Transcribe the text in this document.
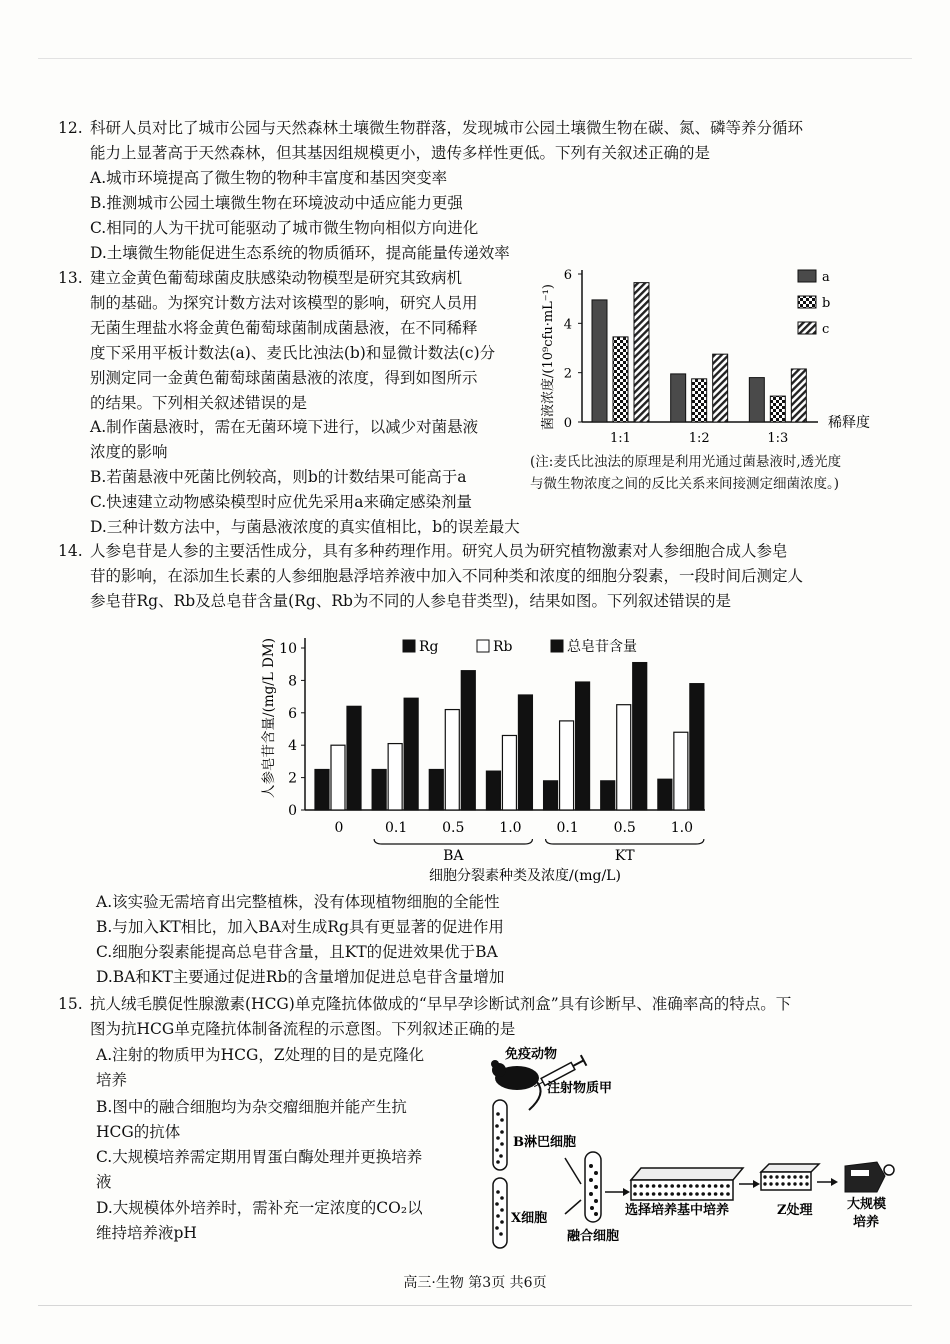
12. 科研人员对比了城市公园与天然森林土壤微生物群落，发现城市公园土壤微生物在碳、氮、磷等养分循环
能力上显著高于天然森林，但其基因组规模更小，遗传多样性更低。下列有关叙述正确的是
A.城市环境提高了微生物的物种丰富度和基因突变率
B.推测城市公园土壤微生物在环境波动中适应能力更强
C.相同的人为干扰可能驱动了城市微生物向相似方向进化
D.土壤微生物能促进生态系统的物质循环，提高能量传递效率
13. 建立金黄色葡萄球菌皮肤感染动物模型是研究其致病机
制的基础。为探究计数方法对该模型的影响，研究人员用
无菌生理盐水将金黄色葡萄球菌制成菌悬液，在不同稀释
度下采用平板计数法(a)、麦氏比浊法(b)和显微计数法(c)分
别测定同一金黄色葡萄球菌菌悬液的浓度，得到如图所示
的结果。下列相关叙述错误的是
A.制作菌悬液时，需在无菌环境下进行，以减少对菌悬液
浓度的影响
B.若菌悬液中死菌比例较高，则b的计数结果可能高于a
C.快速建立动物感染模型时应优先采用a来确定感染剂量
D.三种计数方法中，与菌悬液浓度的真实值相比，b的误差最大
(注:麦氏比浊法的原理是利用光通过菌悬液时,透光度
与微生物浓度之间的反比关系来间接测定细菌浓度。)
菌液浓度/(10⁹cfu·mL⁻¹) 0
2
4
6
1:1	1:2	1:3
稀释度
a
b
c
14. 人参皂苷是人参的主要活性成分，具有多种药理作用。研究人员为研究植物激素对人参细胞合成人参皂
苷的影响，在添加生长素的人参细胞悬浮培养液中加入不同种类和浓度的细胞分裂素，一段时间后测定人
参皂苷Rg、Rb及总皂苷含量(Rg、Rb为不同的人参皂苷类型)，结果如图。下列叙述错误的是
人参皂苷含量/(mg/L DM)
0
2
4
6
8
10
0	0.1 0.5 1.0 0.1 0.5 1.0
BA	KT
Rg	Rb	总皂苷含量
细胞分裂素种类及浓度/(mg/L)
A.该实验无需培育出完整植株，没有体现植物细胞的全能性
B.与加入KT相比，加入BA对生成Rg具有更显著的促进作用
C.细胞分裂素能提高总皂苷含量，且KT的促进效果优于BA
D.BA和KT主要通过促进Rb的含量增加促进总皂苷含量增加
15. 抗人绒毛膜促性腺激素(HCG)单克隆抗体做成的“早早孕诊断试剂盒”具有诊断早、准确率高的特点。下
图为抗HCG单克隆抗体制备流程的示意图。下列叙述正确的是
A.注射的物质甲为HCG，Z处理的目的是克隆化
培养
B.图中的融合细胞均为杂交瘤细胞并能产生抗
HCG的抗体
C.大规模培养需定期用胃蛋白酶处理并更换培养
液
D.大规模体外培养时，需补充一定浓度的CO₂以
维持培养液pH
免疫动物
注射物质甲
B淋巴细胞
X细胞
融合细胞
选择培养基中培养	Z处理	大规模
培养
高三·生物 第3页 共6页
